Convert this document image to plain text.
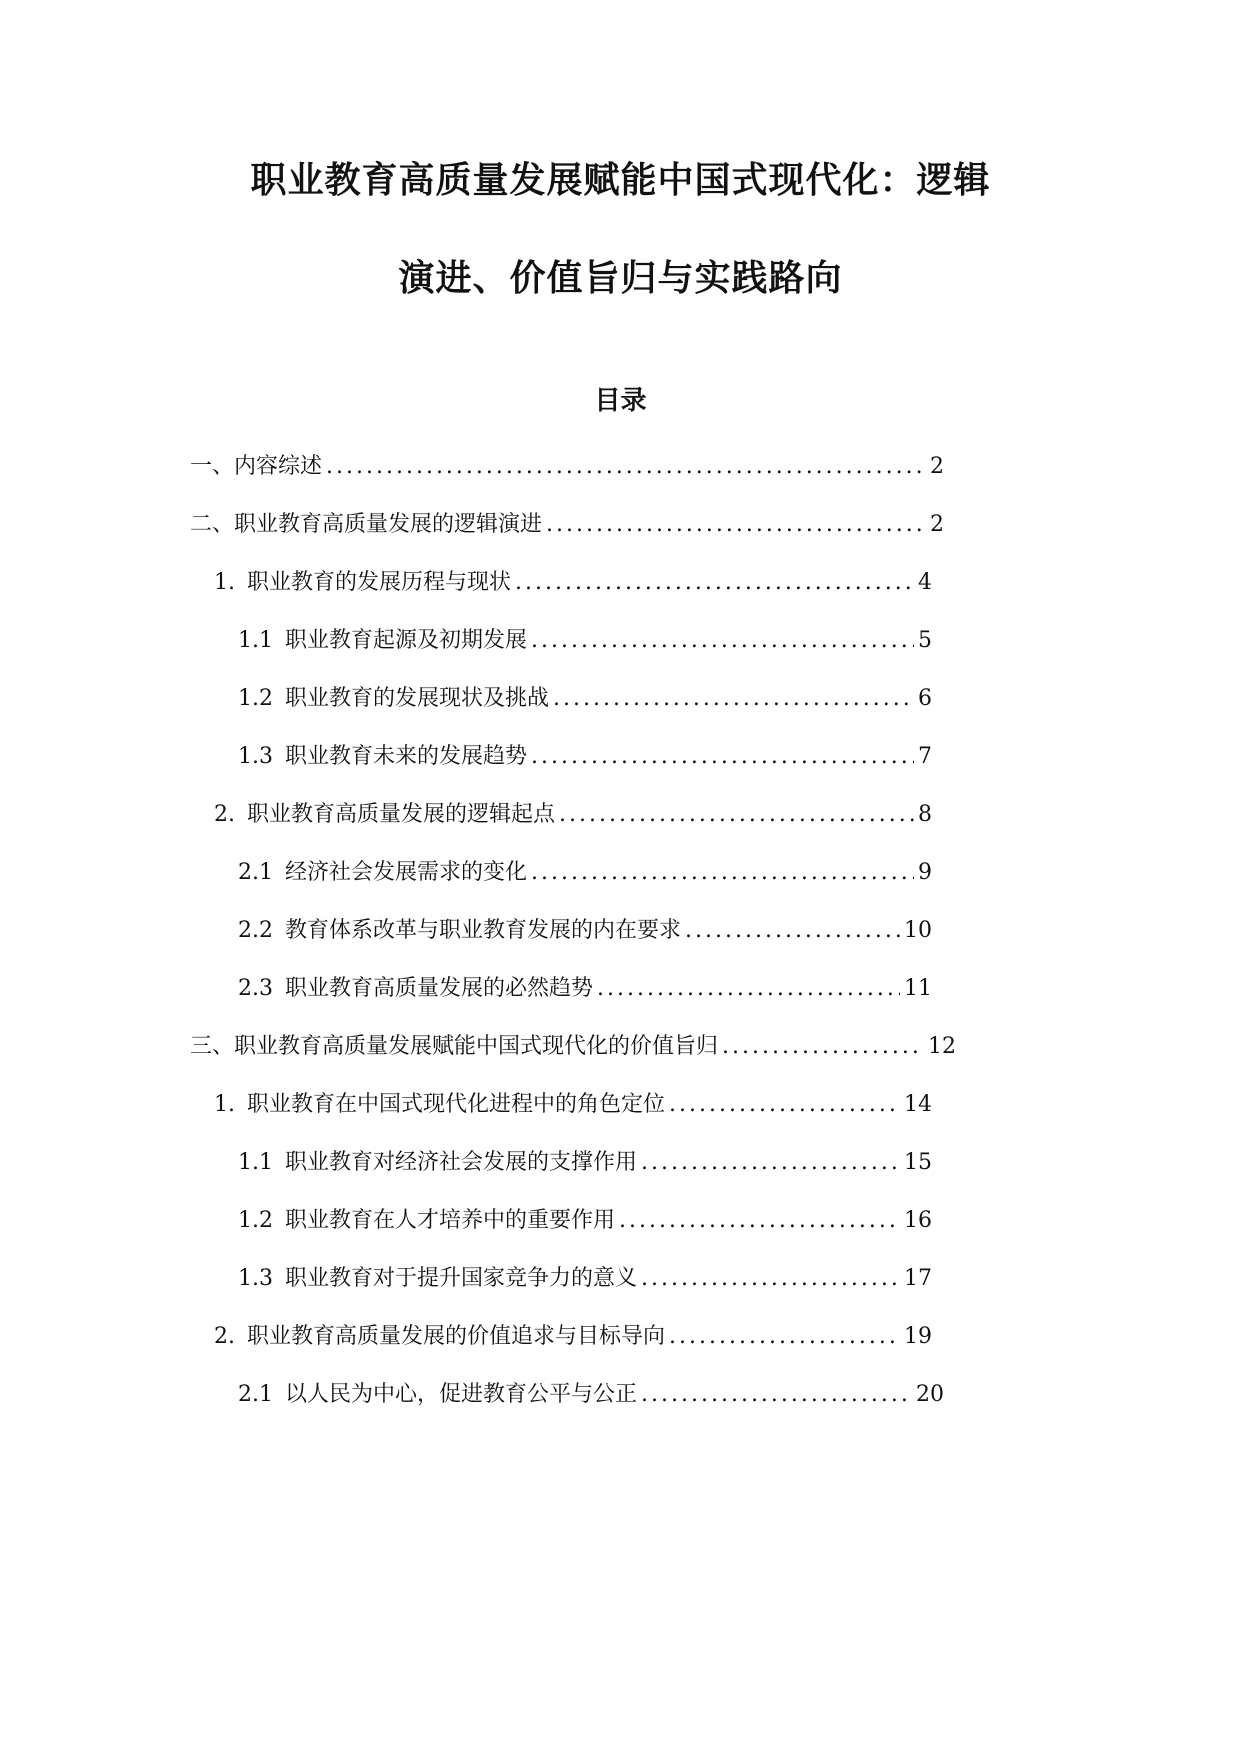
职业教育高质量发展赋能中国式现代化：逻辑
演进、价值旨归与实践路向
目录
一、内容综述 .....	2
二、职业教育高质量发展的逻辑演进 .....	2
1. 职业教育的发展历程与现状 .....	4
1.1 职业教育起源及初期发展 .....	5
1.2 职业教育的发展现状及挑战 .....	6
1.3 职业教育未来的发展趋势 .....	7
2. 职业教育高质量发展的逻辑起点 .....	8
2.1 经济社会发展需求的变化 .....	9
2.2 教育体系改革与职业教育发展的内在要求 .....	10
2.3 职业教育高质量发展的必然趋势 .....	11
三、职业教育高质量发展赋能中国式现代化的价值旨归 .....	12
1. 职业教育在中国式现代化进程中的角色定位 .....	14
1.1 职业教育对经济社会发展的支撑作用 .....	15
1.2 职业教育在人才培养中的重要作用 .....	16
1.3 职业教育对于提升国家竞争力的意义 .....	17
2. 职业教育高质量发展的价值追求与目标导向 .....	19
2.1 以人民为中心，促进教育公平与公正 .....	20
